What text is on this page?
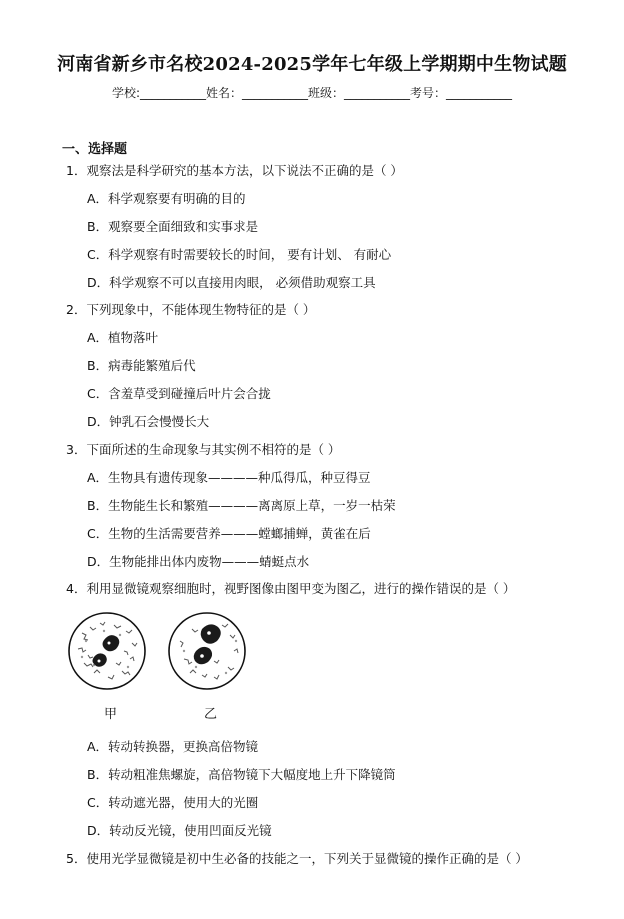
河南省新乡市名校2024-2025学年七年级上学期期中生物试题
学校:___________姓名：___________班级：___________考号：___________
一、选择题
1．观察法是科学研究的基本方法，以下说法不正确的是（ ）
A．科学观察要有明确的目的
B．观察要全面细致和实事求是
C．科学观察有时需要较长的时间， 要有计划、 有耐心
D．科学观察不可以直接用肉眼， 必须借助观察工具
2．下列现象中，不能体现生物特征的是（ ）
A．植物落叶
B．病毒能繁殖后代
C．含羞草受到碰撞后叶片会合拢
D．钟乳石会慢慢长大
3．下面所述的生命现象与其实例不相符的是（ ）
A．生物具有遗传现象————种瓜得瓜，种豆得豆
B．生物能生长和繁殖————离离原上草，一岁一枯荣
C．生物的生活需要营养———螳螂捕蝉，黄雀在后
D．生物能排出体内废物———蜻蜓点水
4．利用显微镜观察细胞时，视野图像由图甲变为图乙，进行的操作错误的是（ ）
甲	乙
A．转动转换器，更换高倍物镜
B．转动粗准焦螺旋，高倍物镜下大幅度地上升下降镜筒
C．转动遮光器，使用大的光圈
D．转动反光镜，使用凹面反光镜
5．使用光学显微镜是初中生必备的技能之一，下列关于显微镜的操作正确的是（ ）
